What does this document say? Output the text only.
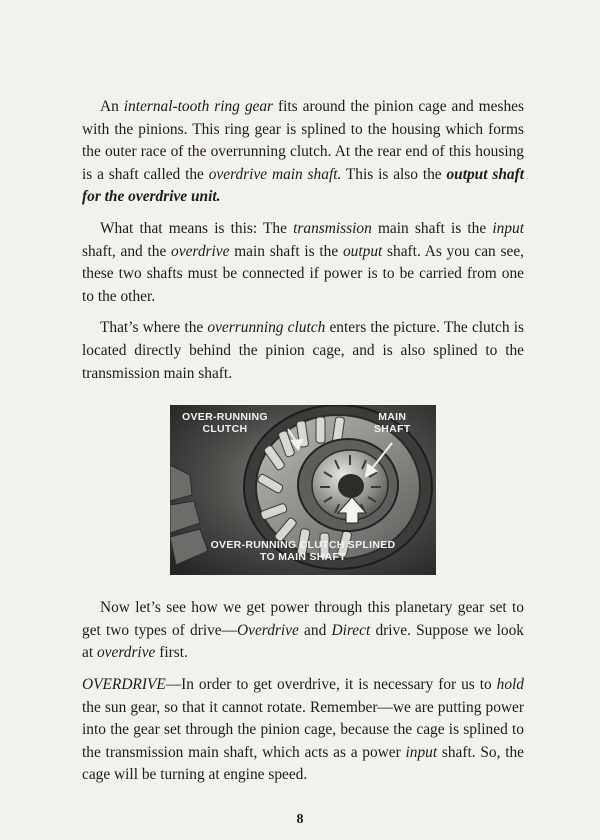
An internal-tooth ring gear fits around the pinion cage and meshes with the pinions. This ring gear is splined to the housing which forms the outer race of the overrunning clutch. At the rear end of this housing is a shaft called the overdrive main shaft. This is also the output shaft for the overdrive unit.

What that means is this: The transmission main shaft is the input shaft, and the overdrive main shaft is the output shaft. As you can see, these two shafts must be connected if power is to be carried from one to the other.

That’s where the overrunning clutch enters the picture. The clutch is located directly behind the pinion cage, and is also splined to the transmission main shaft.

OVER-RUNNING
CLUTCH
MAIN
SHAFT
OVER-RUNNING CLUTCH SPLINED
TO MAIN SHAFT

Now let’s see how we get power through this planetary gear set to get two types of drive—Overdrive and Direct drive. Suppose we look at overdrive first.

OVERDRIVE—In order to get overdrive, it is necessary for us to hold the sun gear, so that it cannot rotate. Remember—we are putting power into the gear set through the pinion cage, because the cage is splined to the transmission main shaft, which acts as a power input shaft. So, the cage will be turning at engine speed.

8
